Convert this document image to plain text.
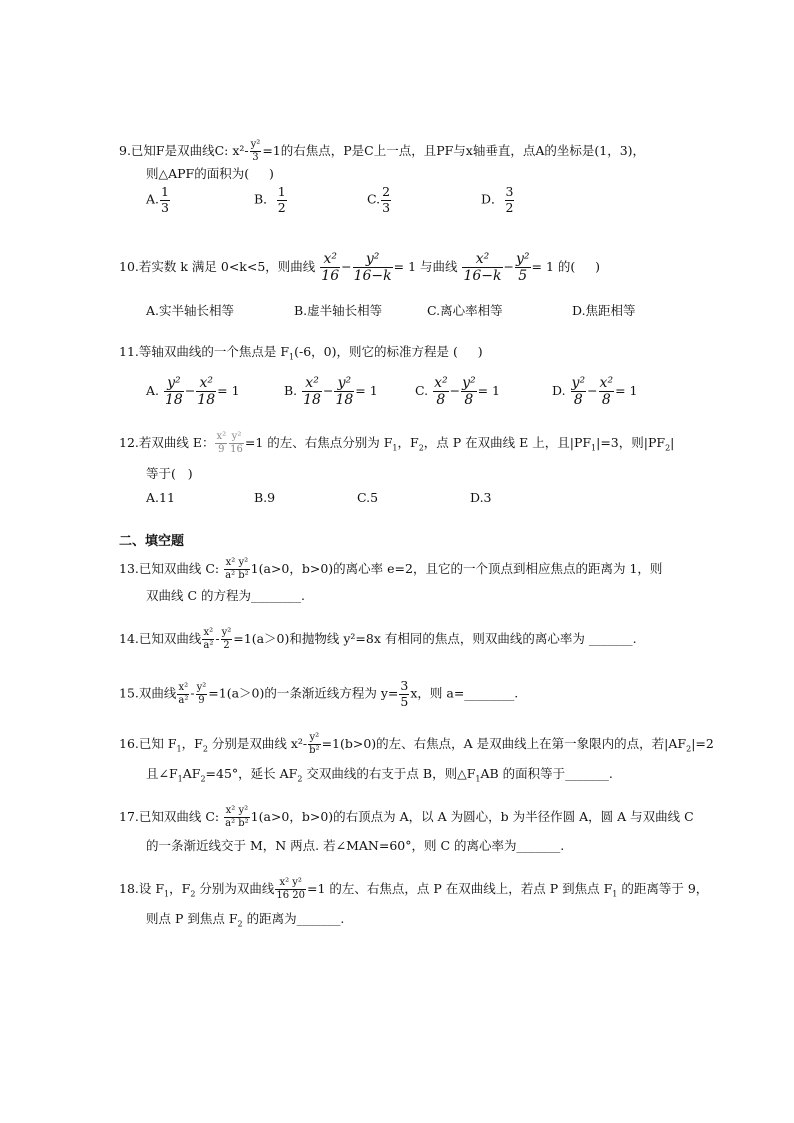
9.已知F是双曲线C: $x^2- \frac{\text{y²}}{3} =1$的右焦点，P是C上一点，且PF与x轴垂直，点A的坐标是(1，3)，
则△APF的面积为(     )
A. $\frac{1}{3}$	B． $\frac{1}{2}$	C. $\frac{2}{3}$	D． $\frac{3}{2}$
10.若实数 k 满足 0<k<5，则曲线 $\frac{\text{x²}}{16} - \frac{\text{y²}}{16-k} = 1$ 与曲线 $\frac{\text{x²}}{16-k} - \frac{\text{y²}}{5} = 1$ 的(     )
A.实半轴长相等	B.虚半轴长相等	C.离心率相等	D.焦距相等
11.等轴双曲线的一个焦点是 $F_1(-6$，0)，则它的标准方程是 (     )
A. $\frac{\text{y²}}{18} - \frac{\text{x²}}{18} = 1$	B. $\frac{\text{x²}}{18} - \frac{\text{y²}}{18} = 1$	C. $\frac{\text{x²}}{8} - \frac{\text{y²}}{8} = 1$	D. $\frac{\text{y²}}{8} - \frac{\text{x²}}{8} = 1$
12.若双曲线 E： $\frac{\text{x²}}{9} \frac{\text{y²}}{16} =1$ 的左、右焦点分别为 $F_1$，$F_2$，点 P 在双曲线 E 上，且$|PF_1|=3$，则$|PF_2|$
等于(   )
A.11	B.9	C.5	D.3
二、填空题
13.已知双曲线 C: $\frac{\text{x² y²}}{\text{a² b²}} 1(a>0$，b>0)的离心率 e=2，且它的一个顶点到相应焦点的距离为 1，则
双曲线 C 的方程为________.
14.已知双曲线 $\frac{\text{x²}}{\text{a²}} - \frac{\text{y²}}{2} =1(a>0)$和抛物线 y²=8x 有相同的焦点，则双曲线的离心率为 _______.
15.双曲线 $\frac{\text{x²}}{\text{a²}} - \frac{\text{y²}}{9} =1(a>0)$的一条渐近线方程为 $y= \frac{3}{5}$ x，则 a=________.
16.已知 $F_1$，$F_2$ 分别是双曲线 $x^2- \frac{\text{y²}}{\text{b²}} =1(b>0)$的左、右焦点，A 是双曲线上在第一象限内的点，若$|AF_2|=2$
且$\angle F_1AF_2=45^\circ$，延长 $AF_2$ 交双曲线的右支于点 B，则$\triangle F_1AB$ 的面积等于_______.
17.已知双曲线 C: $\frac{\text{x² y²}}{\text{a² b²}} 1(a>0$，b>0)的右顶点为 A，以 A 为圆心，b 为半径作圆 A，圆 A 与双曲线 C
的一条渐近线交于 M，N 两点. 若∠MAN=60°，则 C 的离心率为_______.
18.设 $F_1$，$F_2$ 分别为双曲线 $\frac{\text{x² y²}}{16 20} =1$ 的左、右焦点，点 P 在双曲线上，若点 P 到焦点 $F_1$ 的距离等于 9，
则点 P 到焦点 $F_2$ 的距离为_______.
